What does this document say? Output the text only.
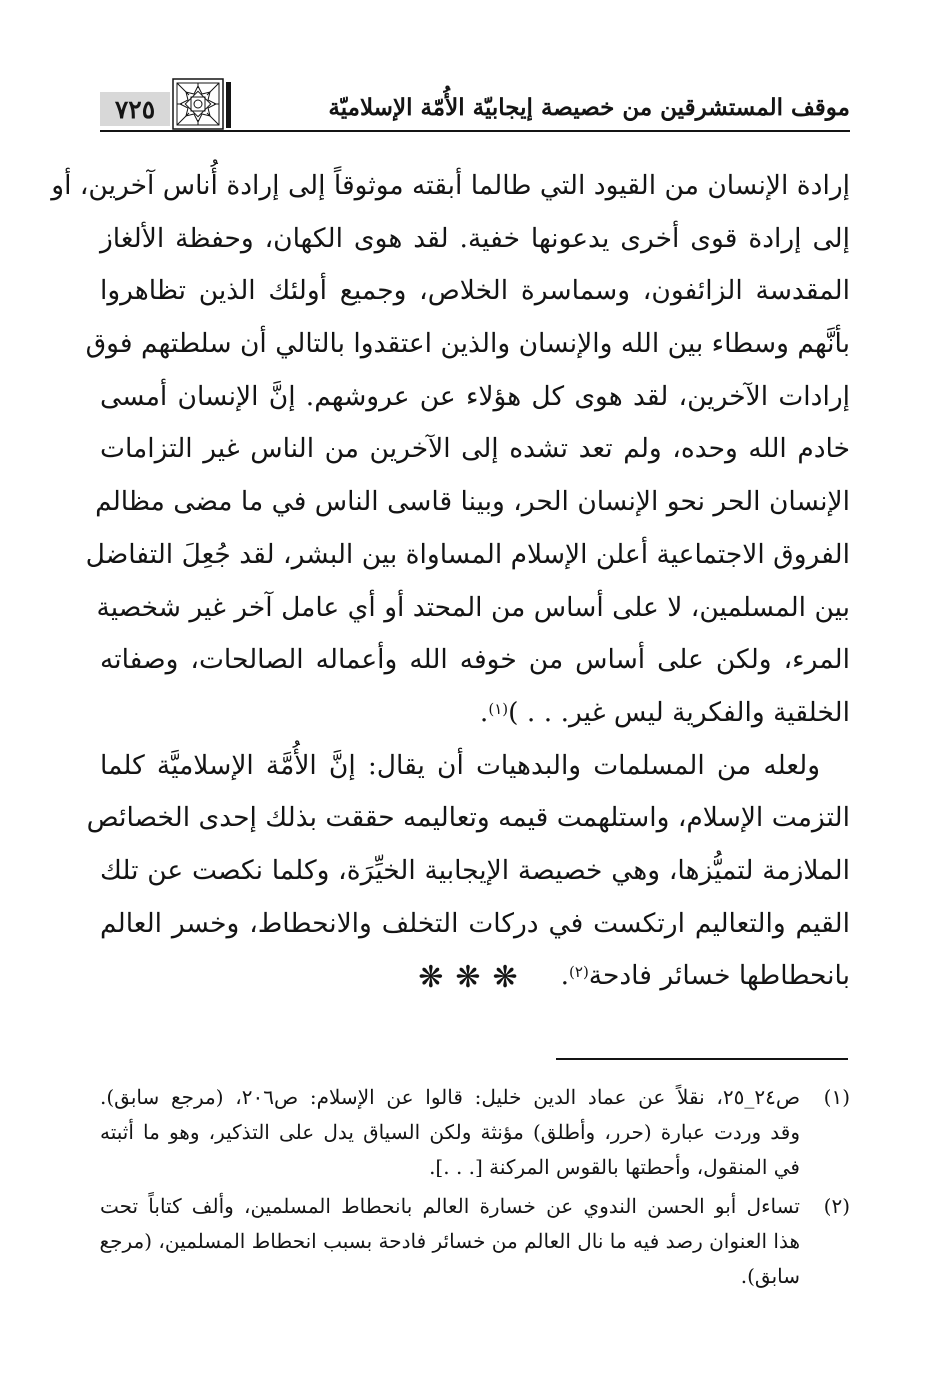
٧٢٥	موقف المستشرقين من خصيصة إيجابيّة الأُمّة الإسلاميّة
إرادة الإنسان من القيود التي طالما أبقته موثوقاً إلى إرادة أُناس آخرين، أو
إلى إرادة قوى أخرى يدعونها خفية. لقد هوى الكهان، وحفظة الألغاز
المقدسة الزائفون، وسماسرة الخلاص، وجميع أولئك الذين تظاهروا
بأنَّهم وسطاء بين الله والإنسان والذين اعتقدوا بالتالي أن سلطتهم فوق
إرادات الآخرين، لقد هوى كل هؤلاء عن عروشهم. إنَّ الإنسان أمسى
خادم الله وحده، ولم تعد تشده إلى الآخرين من الناس غير التزامات
الإنسان الحر نحو الإنسان الحر، وبينا قاسى الناس في ما مضى مظالم
الفروق الاجتماعية أعلن الإسلام المساواة بين البشر، لقد جُعِلَ التفاضل
بين المسلمين، لا على أساس من المحتد أو أي عامل آخر غير شخصية
المرء، ولكن على أساس من خوفه الله وأعماله الصالحات، وصفاته
الخلقية والفكرية ليس غير. . . )$^{(١)}$.
ولعله من المسلمات والبدهيات أن يقال: إنَّ الأُمَّة الإسلاميَّة كلما
التزمت الإسلام، واستلهمت قيمه وتعاليمه حققت بذلك إحدى الخصائص
الملازمة لتميُّزها، وهي خصيصة الإيجابية الخيِّرَة، وكلما نكصت عن تلك
القيم والتعاليم ارتكست في دركات التخلف والانحطاط، وخسر العالم
بانحطاطها خسائر فادحة$^{(٢)}$.
❋❋❋
(١)
ص٢٤_٢٥، نقلاً عن عماد الدين خليل: قالوا عن الإسلام: ص٢٠٦، (مرجع سابق).
وقد وردت عبارة (حرر، وأطلق) مؤنثة ولكن السياق يدل على التذكير، وهو ما أثبته
في المنقول، وأحطتها بالقوس المركنة [. . .].
(٢)
تساءل أبو الحسن الندوي عن خسارة العالم بانحطاط المسلمين، وألف كتاباً تحت
هذا العنوان رصد فيه ما نال العالم من خسائر فادحة بسبب انحطاط المسلمين، (مرجع
سابق).
